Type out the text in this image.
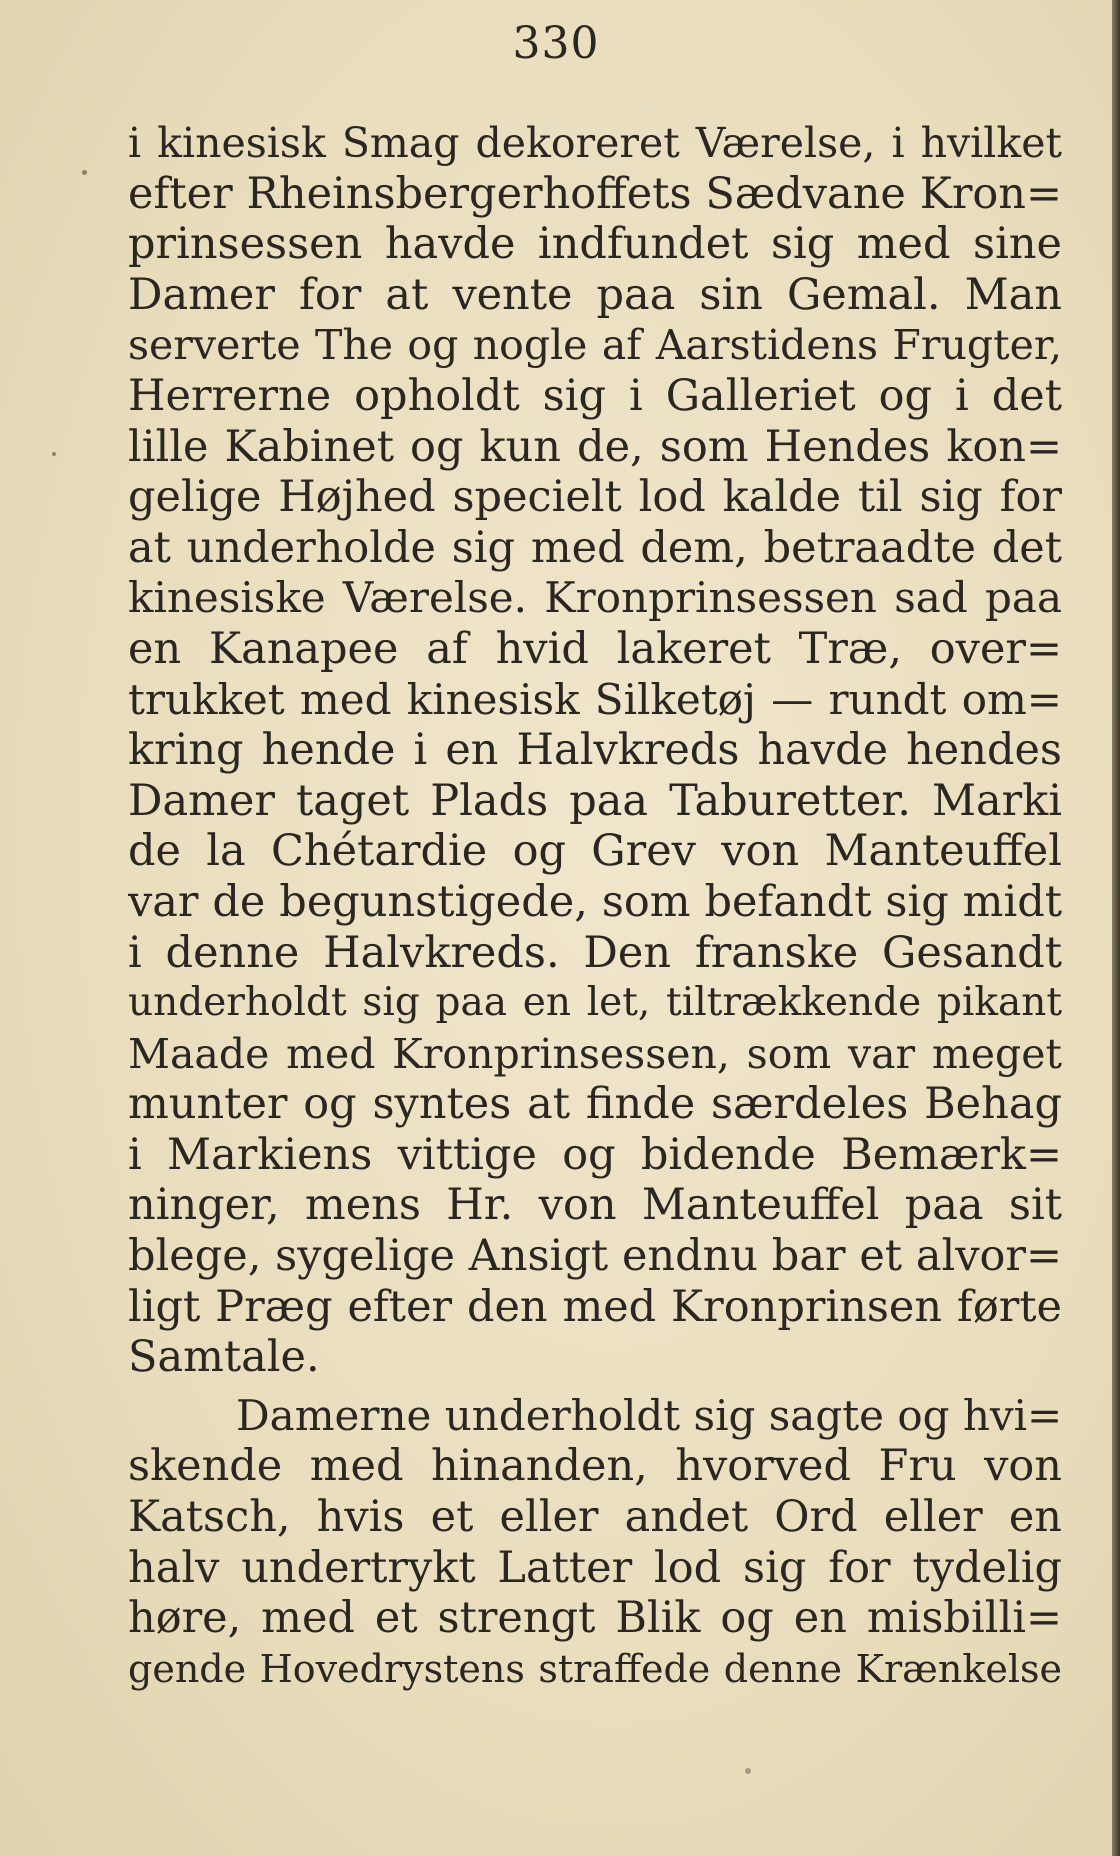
330
i kinesisk Smag dekoreret Værelse, i hvilket
efter Rheinsbergerhoffets Sædvane Kron=
prinsessen havde indfundet sig med sine
Damer for at vente paa sin Gemal. Man
serverte The og nogle af Aarstidens Frugter,
Herrerne opholdt sig i Galleriet og i det
lille Kabinet og kun de, som Hendes kon=
gelige Højhed specielt lod kalde til sig for
at underholde sig med dem, betraadte det
kinesiske Værelse. Kronprinsessen sad paa
en Kanapee af hvid lakeret Træ, over=
trukket med kinesisk Silketøj — rundt om=
kring hende i en Halvkreds havde hendes
Damer taget Plads paa Taburetter. Marki
de la Chétardie og Grev von Manteuffel
var de begunstigede, som befandt sig midt
i denne Halvkreds. Den franske Gesandt
underholdt sig paa en let, tiltrækkende pikant
Maade med Kronprinsessen, som var meget
munter og syntes at finde særdeles Behag
i Markiens vittige og bidende Bemærk=
ninger, mens Hr. von Manteuffel paa sit
blege, sygelige Ansigt endnu bar et alvor=
ligt Præg efter den med Kronprinsen førte
Samtale.
Damerne underholdt sig sagte og hvi=
skende med hinanden, hvorved Fru von
Katsch, hvis et eller andet Ord eller en
halv undertrykt Latter lod sig for tydelig
høre, med et strengt Blik og en misbilli=
gende Hovedrystens straffede denne Krænkelse
